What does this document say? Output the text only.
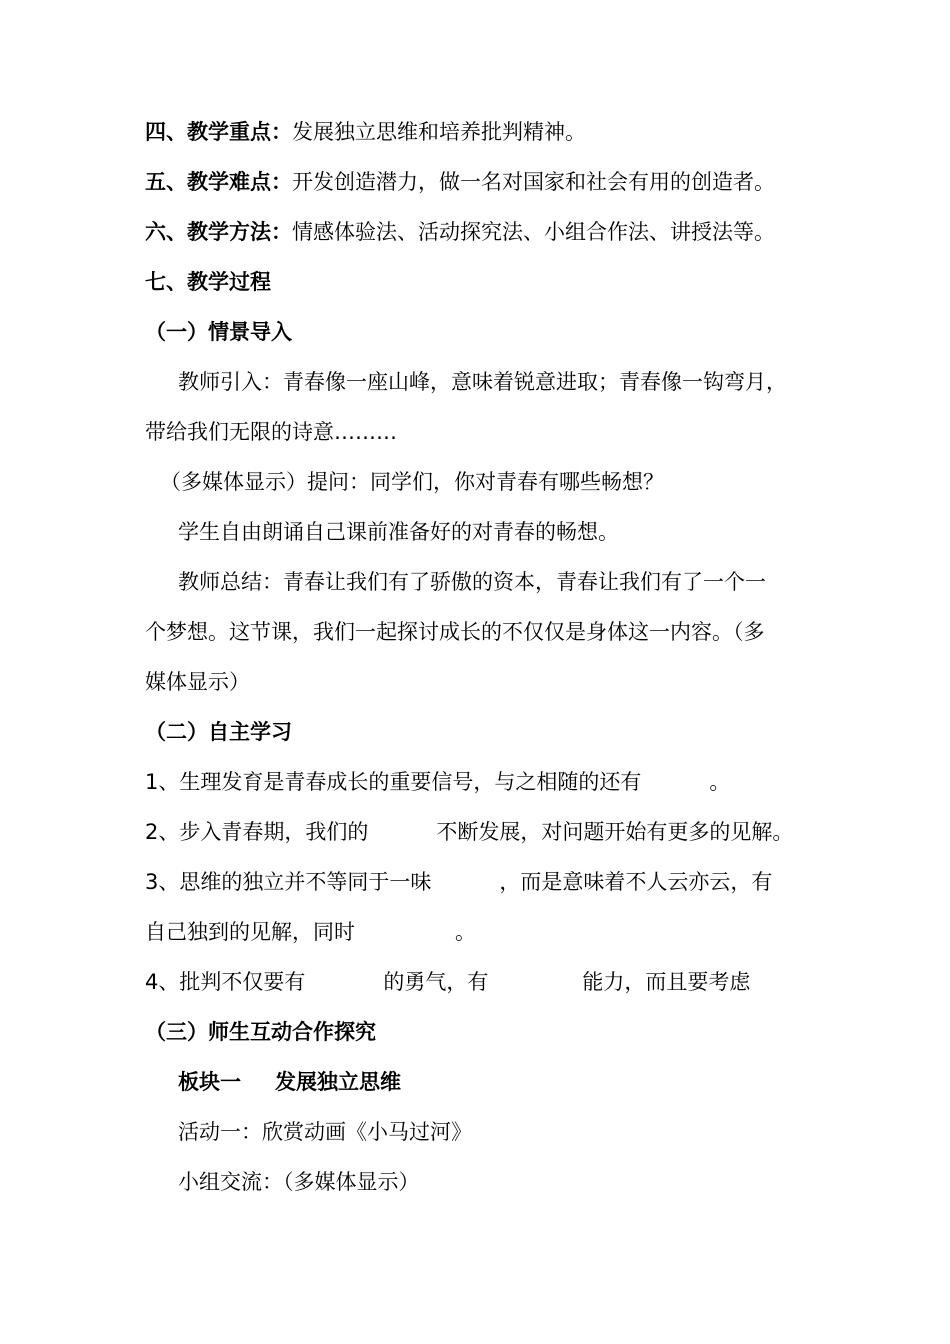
四、教学重点：发展独立思维和培养批判精神。
五、教学难点：开发创造潜力，做一名对国家和社会有用的创造者。
六、教学方法：情感体验法、活动探究法、小组合作法、讲授法等。
七、教学过程
（一）情景导入
教师引入：青春像一座山峰，意味着锐意进取；青春像一钩弯月，
带给我们无限的诗意………
（多媒体显示）提问：同学们，你对青春有哪些畅想？
学生自由朗诵自己课前准备好的对青春的畅想。
教师总结：青春让我们有了骄傲的资本，青春让我们有了一个一
个梦想。这节课，我们一起探讨成长的不仅仅是身体这一内容。（多
媒体显示）
（二）自主学习
1、生理发育是青春成长的重要信号，与之相随的还有	。
2、步入青春期，我们的	不断发展，对问题开始有更多的见解。
3、思维的独立并不等同于一味	，而是意味着不人云亦云，有
自己独到的见解，同时	。
4、批判不仅要有	的勇气，有	能力，而且要考虑
（三）师生互动合作探究
板块一 发展独立思维
活动一：欣赏动画《小马过河》
小组交流：（多媒体显示）
